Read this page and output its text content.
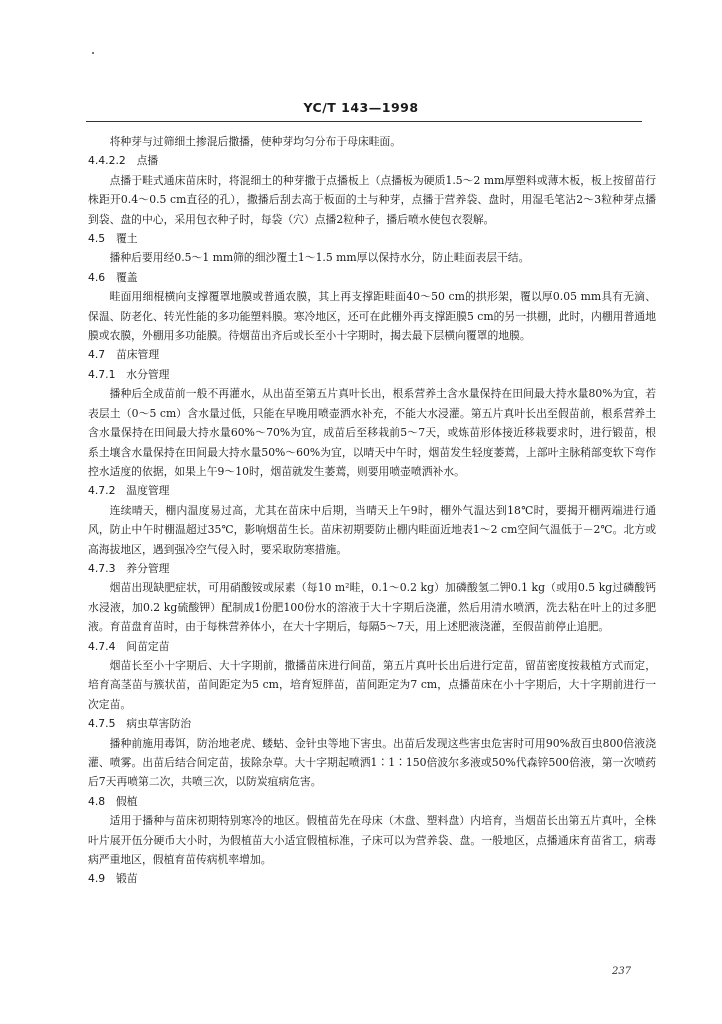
YC/T 143—1998

将种芽与过筛细土掺混后撒播，使种芽均匀分布于母床畦面。

4.4.2.2　点播

点播于畦式通床苗床时，将混细土的种芽撒于点播板上（点播板为硬质1.5～2 mm厚塑料或薄木板，板上按留苗行株距开0.4～0.5 cm直径的孔），撒播后刮去高于板面的土与种芽，点播于营养袋、盘时，用湿毛笔沾2～3粒种芽点播到袋、盘的中心，采用包衣种子时，每袋（穴）点播2粒种子，播后喷水使包衣裂解。

4.5　覆土

播种后要用经0.5～1 mm筛的细沙覆土1～1.5 mm厚以保持水分，防止畦面表层干结。

4.6　覆盖

畦面用细棍横向支撑覆罩地膜或普通农膜，其上再支撑距畦面40～50 cm的拱形架，覆以厚0.05 mm具有无滴、保温、防老化、转光性能的多功能塑料膜。寒冷地区，还可在此棚外再支撑距膜5 cm的另一拱棚，此时，内棚用普通地膜或农膜，外棚用多功能膜。待烟苗出齐后或长至小十字期时，揭去最下层横向覆罩的地膜。

4.7　苗床管理
4.7.1　水分管理

播种后全成苗前一般不再灌水，从出苗至第五片真叶长出，根系营养土含水量保持在田间最大持水量80%为宜，若表层土（0～5 cm）含水量过低，只能在早晚用喷壶洒水补充，不能大水浸灌。第五片真叶长出至假苗前，根系营养土含水量保持在田间最大持水量60%～70%为宜，成苗后至移栽前5～7天，或炼苗形体接近移栽要求时，进行锻苗，根系土壤含水量保持在田间最大持水量50%～60%为宜，以晴天中午时，烟苗发生轻度萎蔫，上部叶主脉稍部变软下弯作控水适度的依据，如果上午9～10时，烟苗就发生萎蔫，则要用喷壶喷洒补水。

4.7.2　温度管理

连续晴天，棚内温度易过高，尤其在苗床中后期，当晴天上午9时，棚外气温达到18℃时，要揭开棚两端进行通风，防止中午时棚温超过35℃，影响烟苗生长。苗床初期要防止棚内畦面近地表1～2 cm空间气温低于－2℃。北方或高海拔地区，遇到强冷空气侵入时，要采取防寒措施。

4.7.3　养分管理

烟苗出现缺肥症状，可用硝酸铵或尿素（每10 m²畦，0.1～0.2 kg）加磷酸氢二钾0.1 kg（或用0.5 kg过磷酸钙水浸液，加0.2 kg硫酸钾）配制成1份肥100份水的溶液于大十字期后浇灌，然后用清水喷洒，洗去粘在叶上的过多肥液。育苗盘育苗时，由于每株营养体小，在大十字期后，每隔5～7天，用上述肥液浇灌，至假苗前停止追肥。

4.7.4　间苗定苗

烟苗长至小十字期后、大十字期前，撒播苗床进行间苗，第五片真叶长出后进行定苗，留苗密度按栽植方式而定，培育高茎苗与簇状苗，苗间距定为5 cm，培育短胖苗，苗间距定为7 cm，点播苗床在小十字期后，大十字期前进行一次定苗。

4.7.5　病虫草害防治

播种前施用毒饵，防治地老虎、蝼蛄、金针虫等地下害虫。出苗后发现这些害虫危害时可用90%敌百虫800倍液浇灌、喷雾。出苗后结合间定苗，拔除杂草。大十字期起喷洒1∶1∶150倍波尔多液或50%代森锌500倍液，第一次喷药后7天再喷第二次，共喷三次，以防炭疽病危害。

4.8　假植

适用于播种与苗床初期特别寒冷的地区。假植苗先在母床（木盘、塑料盘）内培育，当烟苗长出第五片真叶，全株叶片展开伍分硬币大小时，为假植苗大小适宜假植标准，子床可以为营养袋、盘。一般地区，点播通床育苗省工，病毒病严重地区，假植育苗传病机率增加。

4.9　锻苗
237
